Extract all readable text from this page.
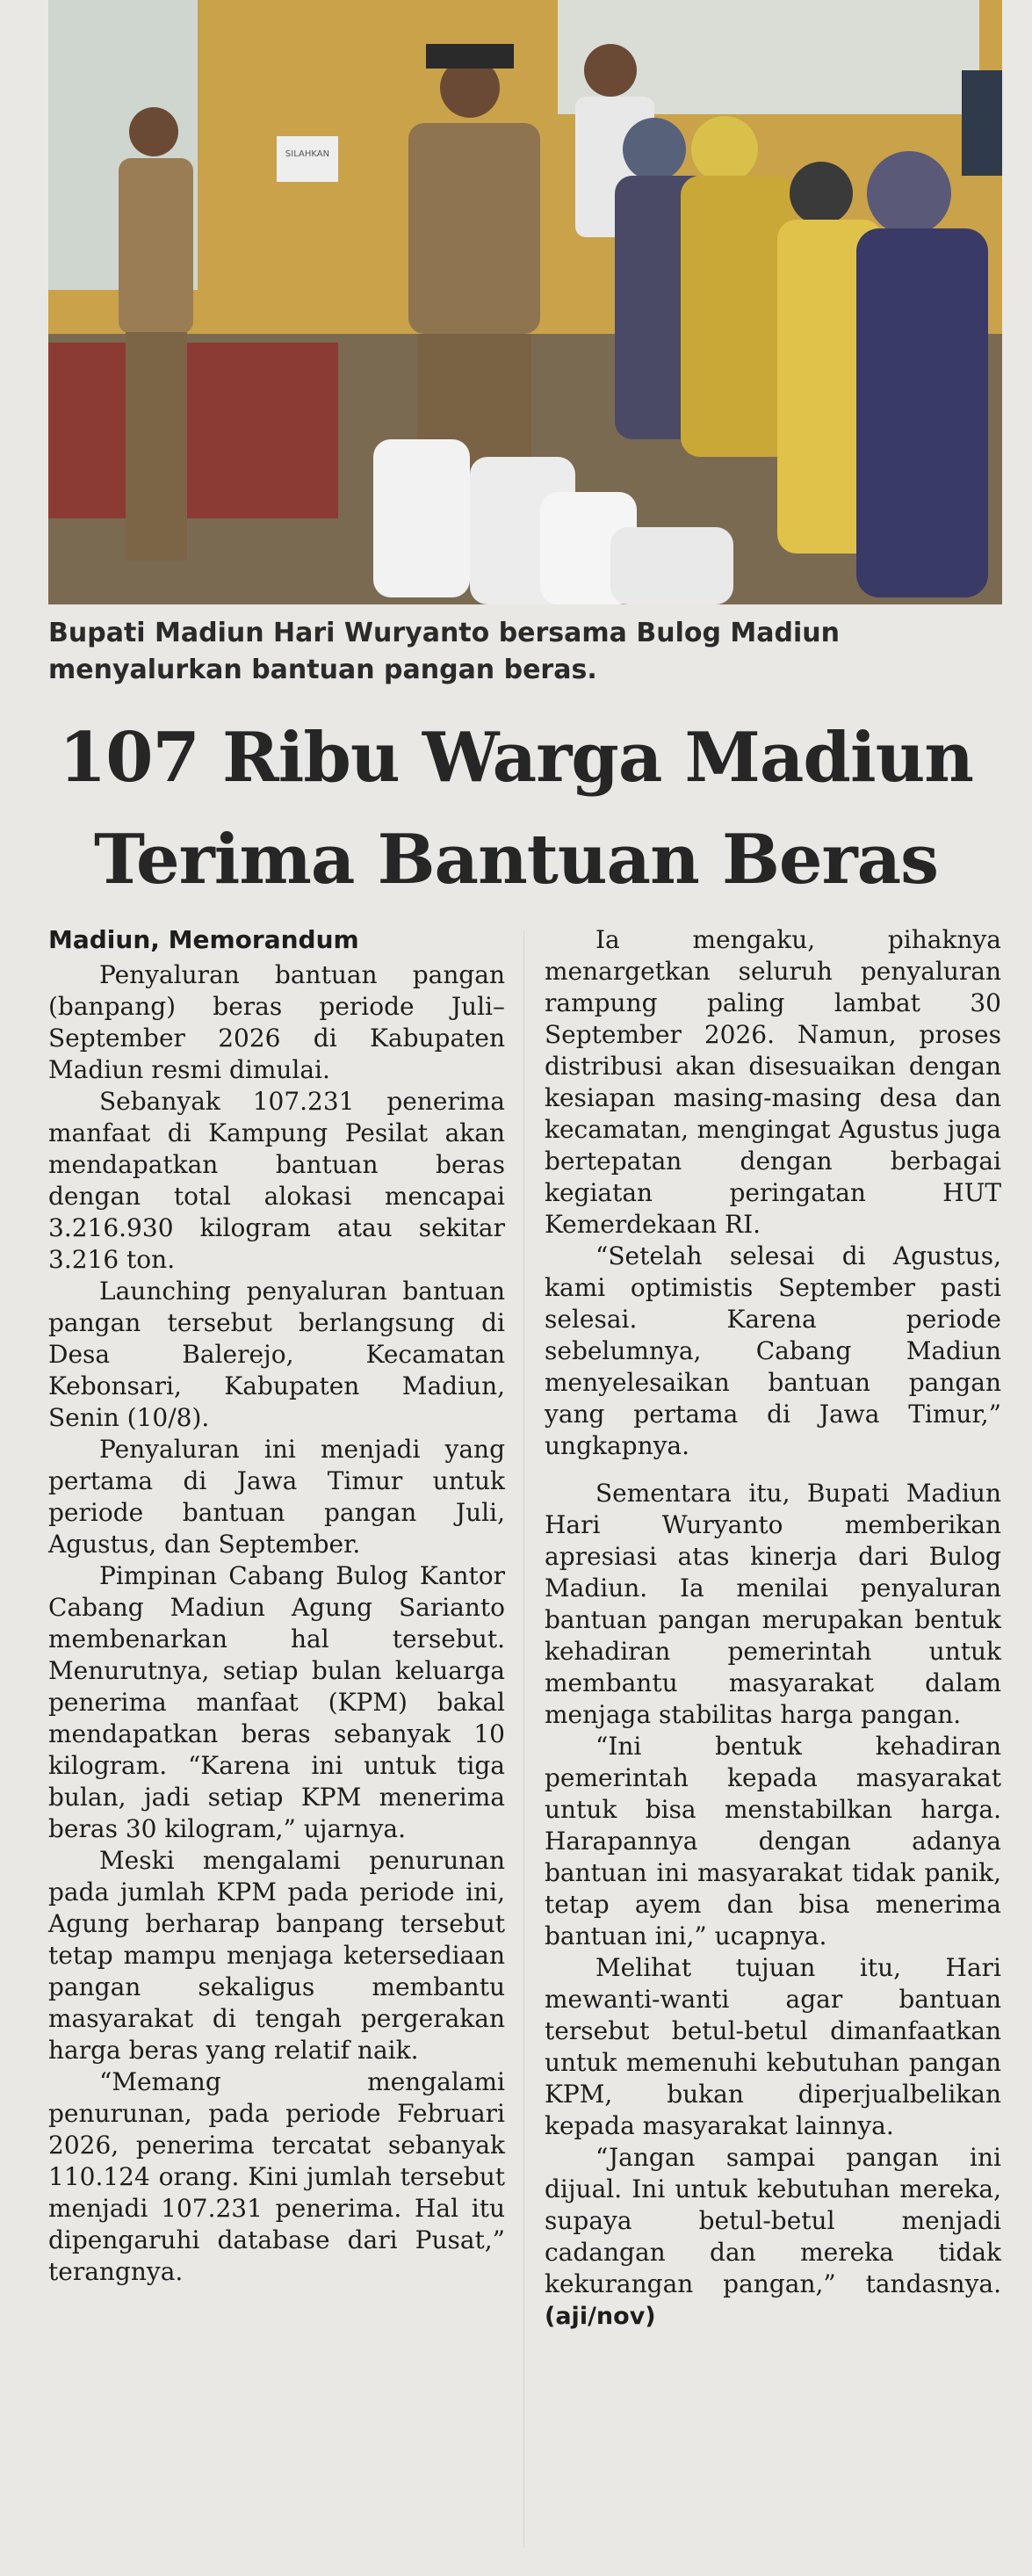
SILAHKAN
Bupati Madiun Hari Wuryanto bersama Bulog Madiun menyalurkan bantuan pangan beras.
107 Ribu Warga Madiun
Terima Bantuan Beras
Madiun, Memorandum

Penyaluran bantuan pangan (banpang) beras periode Juli–September 2026 di Kabupaten Madiun resmi dimulai.

Sebanyak 107.231 penerima manfaat di Kampung Pesilat akan mendapatkan bantuan beras dengan total alokasi mencapai 3.216.930 kilogram atau sekitar 3.216 ton.

Launching penyaluran bantuan pangan tersebut berlangsung di Desa Balerejo, Kecamatan Kebonsari, Kabupaten Madiun, Senin (10/8).

Penyaluran ini menjadi yang pertama di Jawa Timur untuk periode bantuan pangan Juli, Agustus, dan September.

Pimpinan Cabang Bulog Kantor Cabang Madiun Agung Sarianto membenarkan hal tersebut. Menurutnya, setiap bulan keluarga penerima manfaat (KPM) bakal mendapatkan beras sebanyak 10 kilogram. “Karena ini untuk tiga bulan, jadi setiap KPM menerima beras 30 kilogram,” ujarnya.

Meski mengalami penurunan pada jumlah KPM pada periode ini, Agung berharap banpang tersebut tetap mampu menjaga ketersediaan pangan sekaligus membantu masyarakat di tengah pergerakan harga beras yang relatif naik.

“Memang mengalami penurunan, pada periode Februari 2026, penerima tercatat sebanyak 110.124 orang. Kini jumlah tersebut menjadi 107.231 penerima. Hal itu dipengaruhi database dari Pusat,” terangnya.

Ia mengaku, pihaknya menargetkan seluruh penyaluran rampung paling lambat 30 September 2026. Namun, proses distribusi akan disesuaikan dengan kesiapan masing-masing desa dan kecamatan, mengingat Agustus juga bertepatan dengan berbagai kegiatan peringatan HUT Kemerdekaan RI.

“Setelah selesai di Agustus, kami optimistis September pasti selesai. Karena periode sebelumnya, Cabang Madiun menyelesaikan bantuan pangan yang pertama di Jawa Timur,” ungkapnya.

Sementara itu, Bupati Madiun Hari Wuryanto memberikan apresiasi atas kinerja dari Bulog Madiun. Ia menilai penyaluran bantuan pangan merupakan bentuk kehadiran pemerintah untuk membantu masyarakat dalam menjaga stabilitas harga pangan.

“Ini bentuk kehadiran pemerintah kepada masyarakat untuk bisa menstabilkan harga. Harapannya dengan adanya bantuan ini masyarakat tidak panik, tetap ayem dan bisa menerima bantuan ini,” ucapnya.

Melihat tujuan itu, Hari mewanti-wanti agar bantuan tersebut betul-betul dimanfaatkan untuk memenuhi kebutuhan pangan KPM, bukan diperjualbelikan kepada masyarakat lainnya.

“Jangan sampai pangan ini dijual. Ini untuk kebutuhan mereka, supaya betul-betul menjadi cadangan dan mereka tidak kekurangan pangan,” tandasnya. (aji/nov)
